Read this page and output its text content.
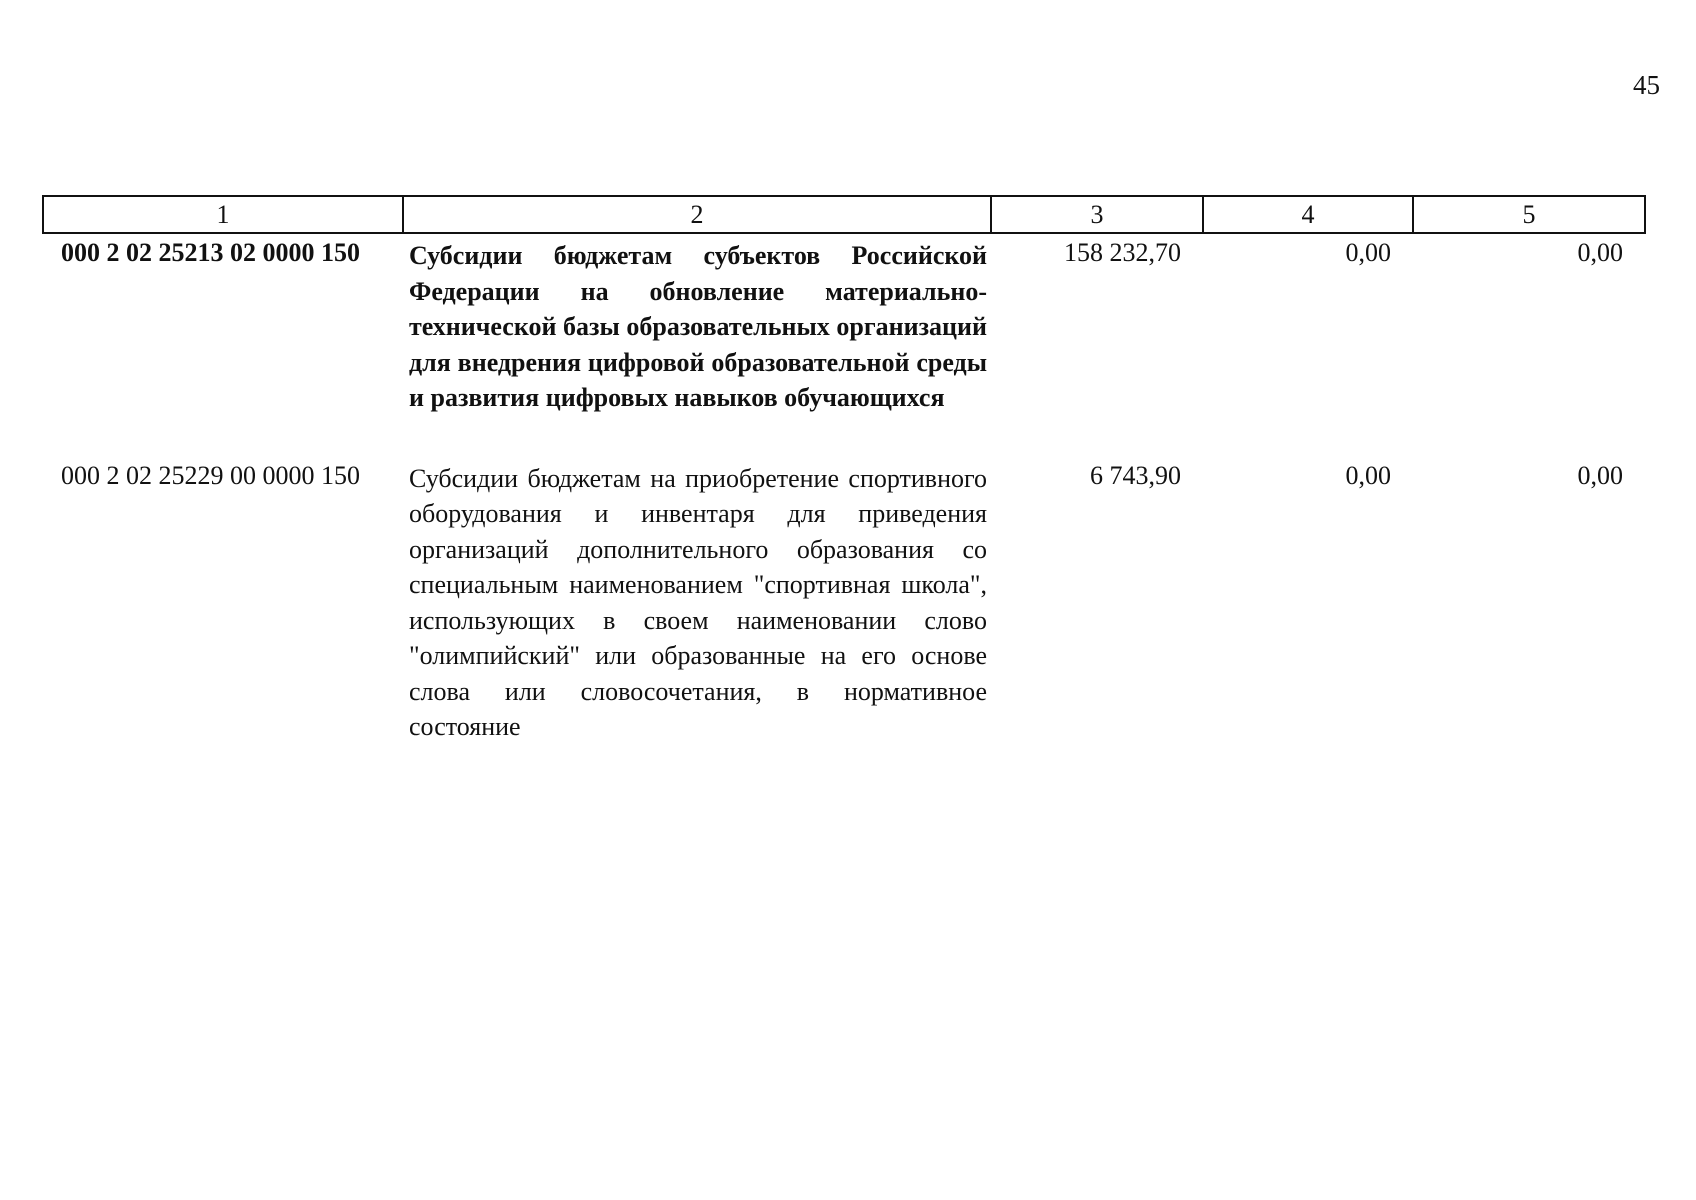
45
1	2	3	4	5
000 2 02 25213 02 0000 150	Субсидии бюджетам субъектов Российской Федерации на обновление материально-технической базы образовательных организаций для внедрения цифровой образовательной среды и развития цифровых навыков обучающихся	158 232,70	0,00	0,00

000 2 02 25229 00 0000 150	Субсидии бюджетам на приобретение спортивного оборудования и инвентаря для приведения организаций дополнительного образования со специальным наименованием "спортивная школа", использующих в своем наименовании слово "олимпийский" или образованные на его основе слова или словосочетания, в нормативное состояние	6 743,90	0,00	0,00
